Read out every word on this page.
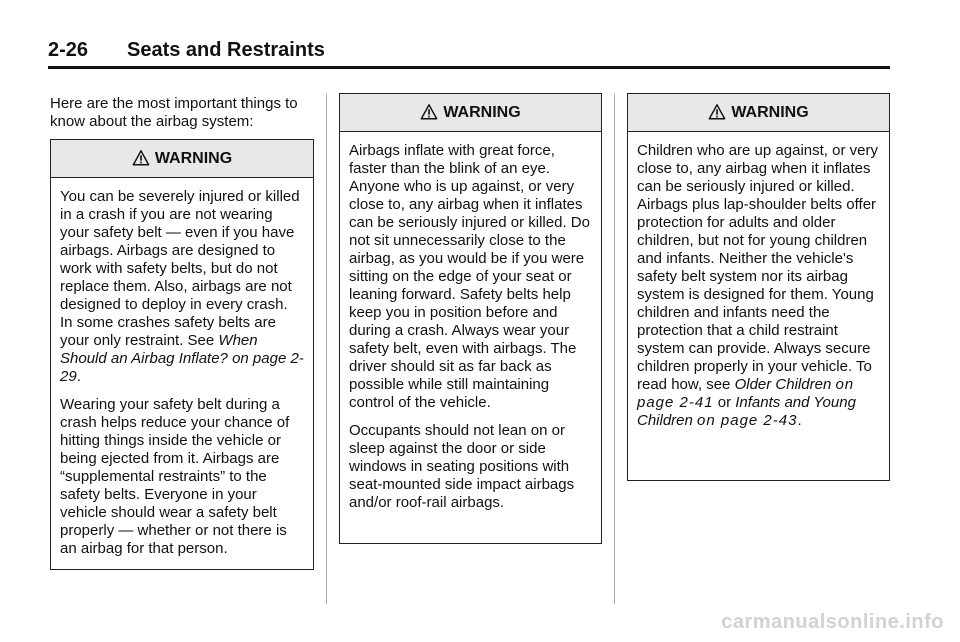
2-26 Seats and Restraints
Here are the most important things to know about the airbag system:
WARNING

You can be severely injured or killed in a crash if you are not wearing your safety belt — even if you have airbags. Airbags are designed to work with safety belts, but do not replace them. Also, airbags are not designed to deploy in every crash. In some crashes safety belts are your only restraint. See When Should an Airbag Inflate? on page 2-29.

Wearing your safety belt during a crash helps reduce your chance of hitting things inside the vehicle or being ejected from it. Airbags are “supplemental restraints” to the safety belts. Everyone in your vehicle should wear a safety belt properly — whether or not there is an airbag for that person.

WARNING

Airbags inflate with great force, faster than the blink of an eye. Anyone who is up against, or very close to, any airbag when it inflates can be seriously injured or killed. Do not sit unnecessarily close to the airbag, as you would be if you were sitting on the edge of your seat or leaning forward. Safety belts help keep you in position before and during a crash. Always wear your safety belt, even with airbags. The driver should sit as far back as possible while still maintaining control of the vehicle.

Occupants should not lean on or sleep against the door or side windows in seating positions with seat-mounted side impact airbags and/or roof-rail airbags.

WARNING

Children who are up against, or very close to, any airbag when it inflates can be seriously injured or killed. Airbags plus lap-shoulder belts offer protection for adults and older children, but not for young children and infants. Neither the vehicle's safety belt system nor its airbag system is designed for them. Young children and infants need the protection that a child restraint system can provide. Always secure children properly in your vehicle. To read how, see Older Children on page 2-41 or Infants and Young Children on page 2-43.

carmanualsonline.info
